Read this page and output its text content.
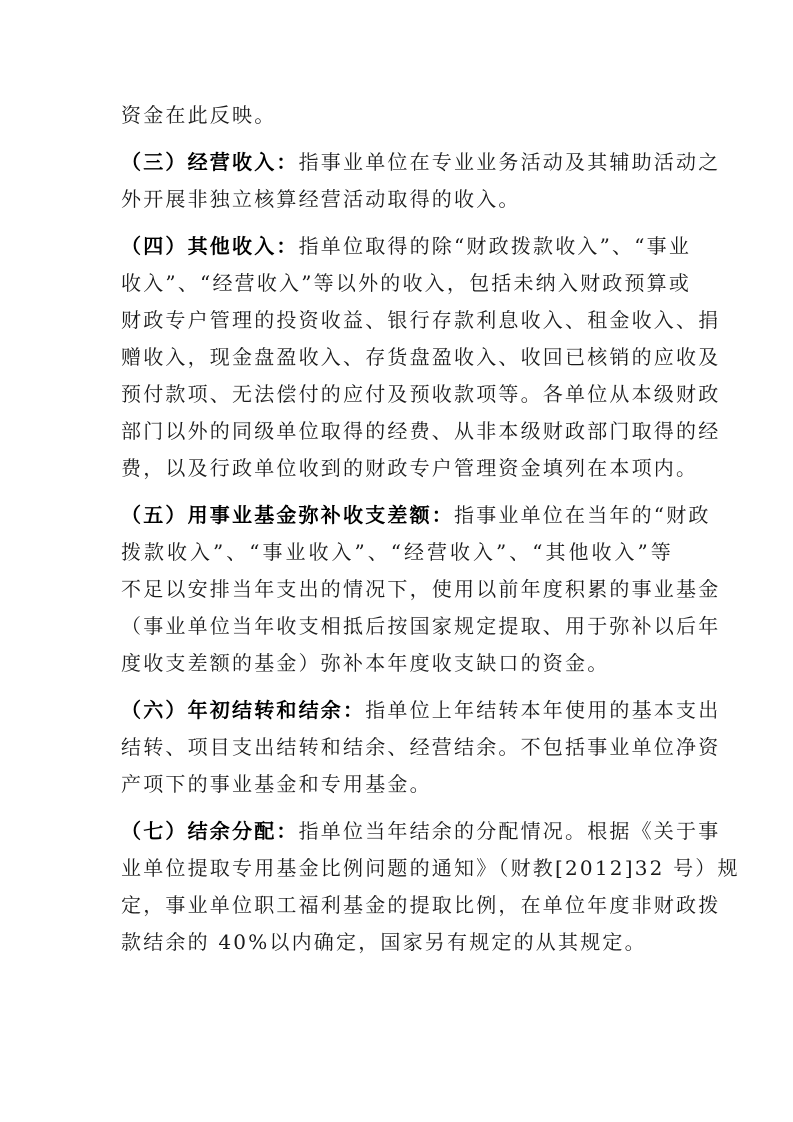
资金在此反映。
（三）经营收入：指事业单位在专业业务活动及其辅助活动之
外开展非独立核算经营活动取得的收入。
（四）其他收入：指单位取得的除“财政拨款收入”、“事业
收入”、“经营收入”等以外的收入，包括未纳入财政预算或
财政专户管理的投资收益、银行存款利息收入、租金收入、捐
赠收入，现金盘盈收入、存货盘盈收入、收回已核销的应收及
预付款项、无法偿付的应付及预收款项等。各单位从本级财政
部门以外的同级单位取得的经费、从非本级财政部门取得的经
费，以及行政单位收到的财政专户管理资金填列在本项内。
（五）用事业基金弥补收支差额：指事业单位在当年的“财政
拨款收入”、“事业收入”、“经营收入”、“其他收入”等
不足以安排当年支出的情况下，使用以前年度积累的事业基金
（事业单位当年收支相抵后按国家规定提取、用于弥补以后年
度收支差额的基金）弥补本年度收支缺口的资金。
（六）年初结转和结余：指单位上年结转本年使用的基本支出
结转、项目支出结转和结余、经营结余。不包括事业单位净资
产项下的事业基金和专用基金。
（七）结余分配：指单位当年结余的分配情况。根据《关于事
业单位提取专用基金比例问题的通知》（财教[2012]32 号）规
定，事业单位职工福利基金的提取比例，在单位年度非财政拨
款结余的 40%以内确定，国家另有规定的从其规定。
